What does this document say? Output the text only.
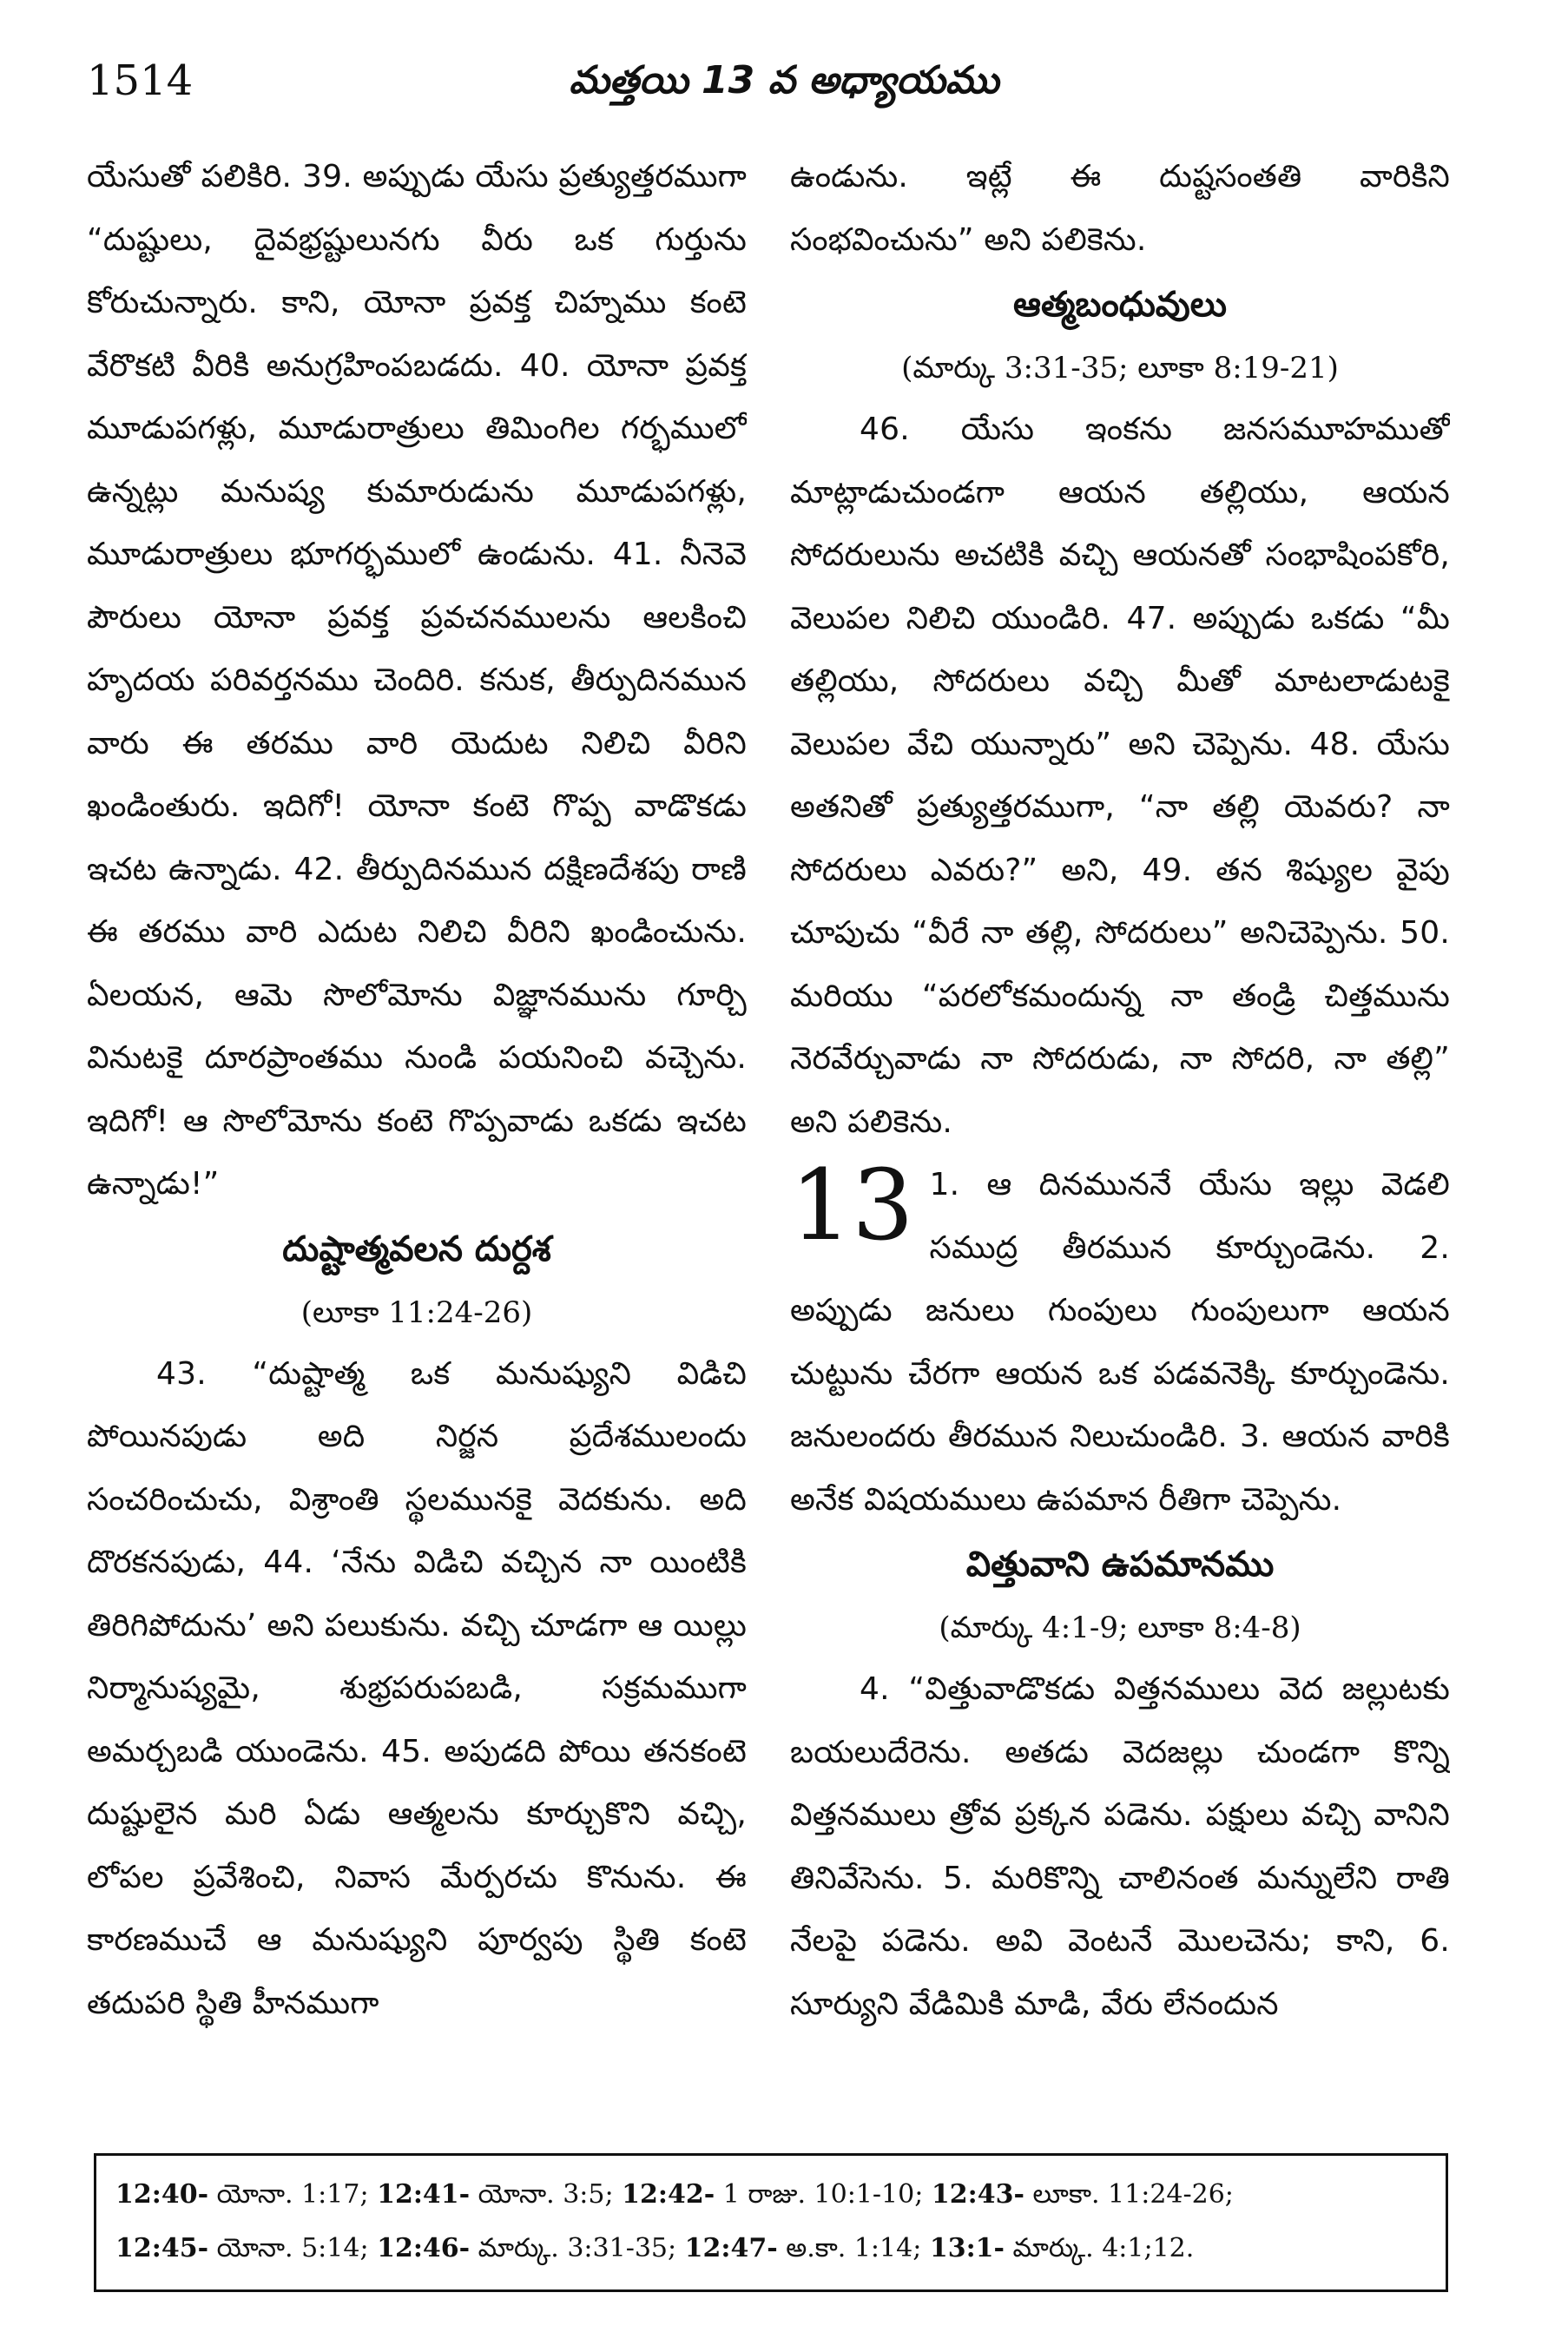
1514	మత్తయి 13 వ అధ్యాయము

యేసుతో పలికిరి. 39. అప్పుడు యేసు ప్రత్యుత్తరముగా “దుష్టులు, దైవభ్రష్టులునగు వీరు ఒక గుర్తును కోరుచున్నారు. కాని, యోనా ప్రవక్త చిహ్నము కంటె వేరొకటి వీరికి అనుగ్రహింపబడదు. 40. యోనా ప్రవక్త మూడుపగళ్లు, మూడురాత్రులు తిమింగిల గర్భములో ఉన్నట్లు మనుష్య కుమారుడును మూడుపగళ్లు, మూడురాత్రులు భూగర్భములో ఉండును. 41. నీనెవె పౌరులు యోనా ప్రవక్త ప్రవచనములను ఆలకించి హృదయ పరివర్తనము చెందిరి. కనుక, తీర్పుదినమున వారు ఈ తరము వారి యెదుట నిలిచి వీరిని ఖండింతురు. ఇదిగో! యోనా కంటె గొప్ప వాడొకడు ఇచట ఉన్నాడు. 42. తీర్పుదినమున దక్షిణదేశపు రాణి ఈ తరము వారి ఎదుట నిలిచి వీరిని ఖండించును. ఏలయన, ఆమె సొలోమోను విజ్ఞానమును గూర్చి వినుటకై దూరప్రాంతము నుండి పయనించి వచ్చెను. ఇదిగో! ఆ సొలోమోను కంటె గొప్పవాడు ఒకడు ఇచట ఉన్నాడు!”

దుష్టాత్మవలన దుర్దశ

(లూకా 11:24-26)

43. “దుష్టాత్మ ఒక మనుష్యుని విడిచి పోయినపుడు అది నిర్జన ప్రదేశములందు సంచరించుచు, విశ్రాంతి స్థలమునకై వెదకును. అది దొరకనపుడు, 44. ‘నేను విడిచి వచ్చిన నా యింటికి తిరిగిపోదును’ అని పలుకును. వచ్చి చూడగా ఆ యిల్లు నిర్మానుష్యమై, శుభ్రపరుపబడి, సక్రమముగా అమర్చబడి యుండెను. 45. అపుడది పోయి తనకంటె దుష్టులైన మరి ఏడు ఆత్మలను కూర్చుకొని వచ్చి, లోపల ప్రవేశించి, నివాస మేర్పరచు కొనును. ఈ కారణముచే ఆ మనుష్యుని పూర్వపు స్థితి కంటె తదుపరి స్థితి హీనముగా

ఉండును. ఇట్లే ఈ దుష్టసంతతి వారికిని సంభవించును” అని పలికెను.

ఆత్మబంధువులు

(మార్కు 3:31-35; లూకా 8:19-21)

46. యేసు ఇంకను జనసమూహముతో మాట్లాడుచుండగా ఆయన తల్లియు, ఆయన సోదరులును అచటికి వచ్చి ఆయనతో సంభాషింపకోరి, వెలుపల నిలిచి యుండిరి. 47. అప్పుడు ఒకడు “మీ తల్లియు, సోదరులు వచ్చి మీతో మాటలాడుటకై వెలుపల వేచి యున్నారు” అని చెప్పెను. 48. యేసు అతనితో ప్రత్యుత్తరముగా, “నా తల్లి యెవరు? నా సోదరులు ఎవరు?” అని, 49. తన శిష్యుల వైపు చూపుచు “వీరే నా తల్లి, సోదరులు” అనిచెప్పెను. 50. మరియు “పరలోకమందున్న నా తండ్రి చిత్తమును నెరవేర్చువాడు నా సోదరుడు, నా సోదరి, నా తల్లి” అని పలికెను.

13 1. ఆ దినముననే యేసు ఇల్లు వెడలి సముద్ర తీరమున కూర్చుండెను. 2. అప్పుడు జనులు గుంపులు గుంపులుగా ఆయన చుట్టును చేరగా ఆయన ఒక పడవనెక్కి కూర్చుండెను. జనులందరు తీరమున నిలుచుండిరి. 3. ఆయన వారికి అనేక విషయములు ఉపమాన రీతిగా చెప్పెను.

విత్తువాని ఉపమానము

(మార్కు 4:1-9; లూకా 8:4-8)

4. “విత్తువాడొకడు విత్తనములు వెద జల్లుటకు బయలుదేరెను. అతడు వెదజల్లు చుండగా కొన్ని విత్తనములు త్రోవ ప్రక్కన పడెను. పక్షులు వచ్చి వానిని తినివేసెను. 5. మరికొన్ని చాలినంత మన్నులేని రాతి నేలపై పడెను. అవి వెంటనే మొలచెను; కాని, 6. సూర్యుని వేడిమికి మాడి, వేరు లేనందున

12:40- యోనా. 1:17; 12:41- యోనా. 3:5; 12:42- 1 రాజు. 10:1-10; 12:43- లూకా. 11:24-26;

12:45- యోనా. 5:14; 12:46- మార్కు. 3:31-35; 12:47- అ.కా. 1:14; 13:1- మార్కు. 4:1;12.
